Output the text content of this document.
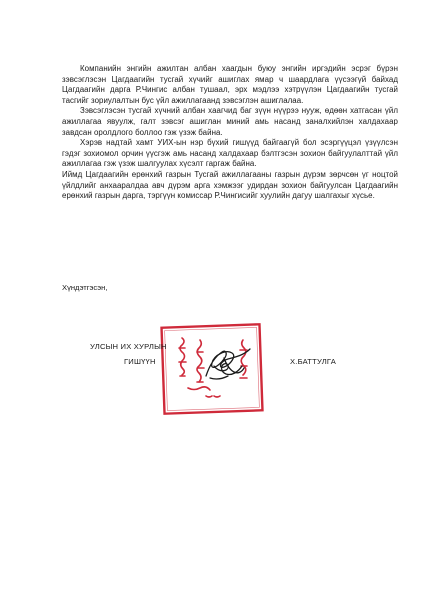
Компанийн энгийн ажилтан албан хаагдын буюу энгийн иргэдийн эсрэг бүрэн зэвсэглэсэн Цагдаагийн тусгай хүчийг ашиглах ямар ч шаардлага үүсээгүй байхад Цагдаагийн дарга Р.Чингис албан тушаал, эрх мэдлээ хэтрүүлэн Цагдаагийн тусгай тасгийг зориулалтын бус үйл ажиллагаанд зэвсэглэн ашиглалаа.

Зэвсэглэсэн тусгай хүчний албан хаагчид баг зүүн нүүрээ нууж, өдөөн хатгасан үйл ажиллагаа явуулж, галт зэвсэг ашиглан миний амь насанд заналхийлэн халдахаар завдсан оролдлого боллоо гэж үзэж байна.

Хэрэв надтай хамт УИХ-ын нэр бүхий гишүүд байгаагүй бол эсэргүүцэл үзүүлсэн гэдэг зохиомол орчин үүсгэж амь насанд халдахаар бэлтгэсэн зохион байгуулалттай үйл ажиллагаа гэж үзэж шалгуулах хүсэлт гаргаж байна.

Иймд Цагдаагийн ерөнхий газрын Тусгай ажиллагааны газрын дүрэм зөрчсөн үг ноцтой үйлдлийг анхааралдаа авч дүрэм арга хэмжээг удирдан зохион байгуулсан Цагдаагийн ерөнхий газрын дарга, тэргүүн комиссар Р.Чингисийг хуулийн дагуу шалгахыг хүсье.

Хүндэтгэсэн,
УЛСЫН ИХ ХУРЛЫН
ГИШҮҮН	Х.БАТТУЛГА
